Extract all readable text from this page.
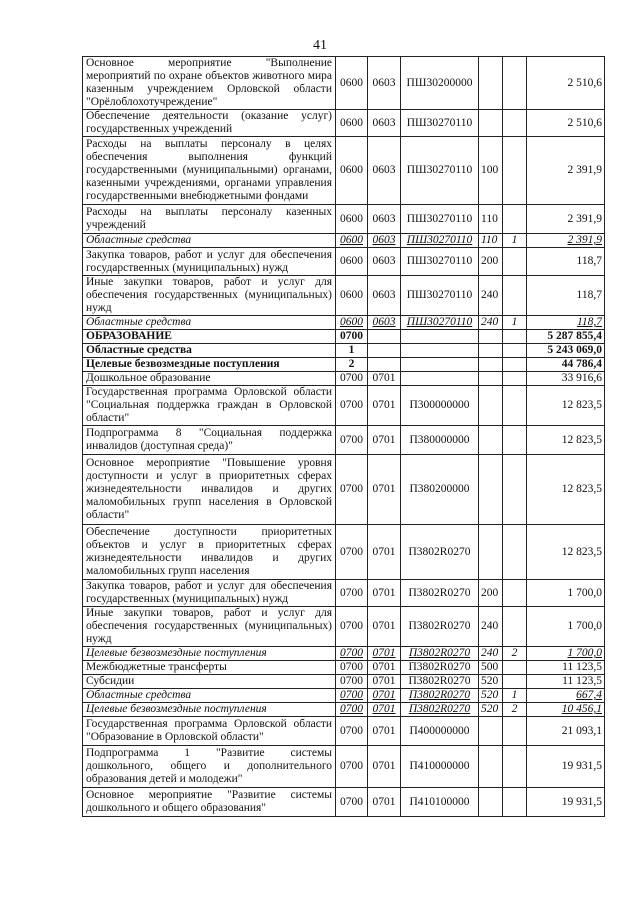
41
Основное мероприятие "Выполнение мероприятий по охране объектов животного мира казенным учреждением Орловской области "Орёлоблохотучреждение"	0600	0603	ПШ30200000			2 510,6
Обеспечение деятельности (оказание услуг) государственных учреждений	0600	0603	ПШ30270110			2 510,6
Расходы на выплаты персоналу в целях обеспечения выполнения функций государственными (муниципальными) органами, казенными учреждениями, органами управления государственными внебюджетными фондами	0600	0603	ПШ30270110	100		2 391,9
Расходы на выплаты персоналу казенных учреждений	0600	0603	ПШ30270110	110		2 391,9
Областные средства	0600	0603	ПШ30270110	110	1	2 391,9
Закупка товаров, работ и услуг для обеспечения государственных (муниципальных) нужд	0600	0603	ПШ30270110	200		118,7
Иные закупки товаров, работ и услуг для обеспечения государственных (муниципальных) нужд	0600	0603	ПШ30270110	240		118,7
Областные средства	0600	0603	ПШ30270110	240	1	118,7
ОБРАЗОВАНИЕ	0700					5 287 855,4
Областные средства	1					5 243 069,0
Целевые безвозмездные поступления	2					44 786,4
Дошкольное образование	0700	0701				33 916,6
Государственная программа Орловской области "Социальная поддержка граждан в Орловской области"	0700	0701	П300000000			12 823,5
Подпрограмма 8 "Социальная поддержка инвалидов (доступная среда)"	0700	0701	П380000000			12 823,5
Основное мероприятие "Повышение уровня доступности и услуг в приоритетных сферах жизнедеятельности инвалидов и других маломобильных групп населения в Орловской области"	0700	0701	П380200000			12 823,5
Обеспечение доступности приоритетных объектов и услуг в приоритетных сферах жизнедеятельности инвалидов и других маломобильных групп населения	0700	0701	П3802R0270			12 823,5
Закупка товаров, работ и услуг для обеспечения государственных (муниципальных) нужд	0700	0701	П3802R0270	200		1 700,0
Иные закупки товаров, работ и услуг для обеспечения государственных (муниципальных) нужд	0700	0701	П3802R0270	240		1 700,0
Целевые безвозмездные поступления	0700	0701	П3802R0270	240	2	1 700,0
Межбюджетные трансферты	0700	0701	П3802R0270	500		11 123,5
Субсидии	0700	0701	П3802R0270	520		11 123,5
Областные средства	0700	0701	П3802R0270	520	1	667,4
Целевые безвозмездные поступления	0700	0701	П3802R0270	520	2	10 456,1
Государственная программа Орловской области "Образование в Орловской области"	0700	0701	П400000000			21 093,1
Подпрограмма 1 "Развитие системы дошкольного, общего и дополнительного образования детей и молодежи"	0700	0701	П410000000			19 931,5
Основное мероприятие "Развитие системы дошкольного и общего образования"	0700	0701	П410100000			19 931,5
